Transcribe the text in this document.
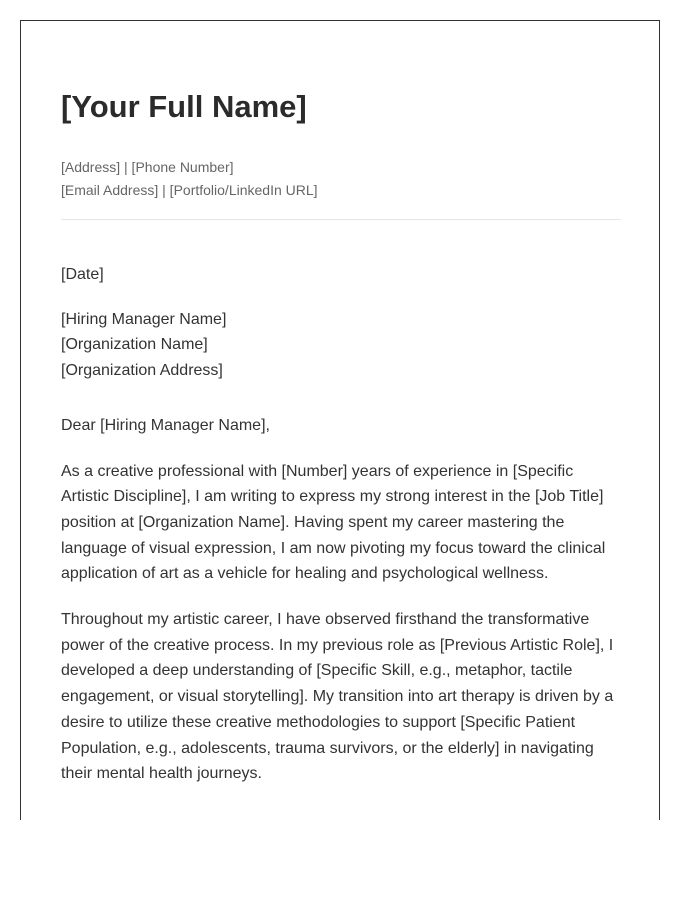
[Your Full Name]
[Address] | [Phone Number]
[Email Address] | [Portfolio/LinkedIn URL]

[Date]

[Hiring Manager Name]
[Organization Name]
[Organization Address]

Dear [Hiring Manager Name],

As a creative professional with [Number] years of experience in [Specific Artistic Discipline], I am writing to express my strong interest in the [Job Title] position at [Organization Name]. Having spent my career mastering the language of visual expression, I am now pivoting my focus toward the clinical application of art as a vehicle for healing and psychological wellness.

Throughout my artistic career, I have observed firsthand the transformative power of the creative process. In my previous role as [Previous Artistic Role], I developed a deep understanding of [Specific Skill, e.g., metaphor, tactile engagement, or visual storytelling]. My transition into art therapy is driven by a desire to utilize these creative methodologies to support [Specific Patient Population, e.g., adolescents, trauma survivors, or the elderly] in navigating their mental health journeys.
